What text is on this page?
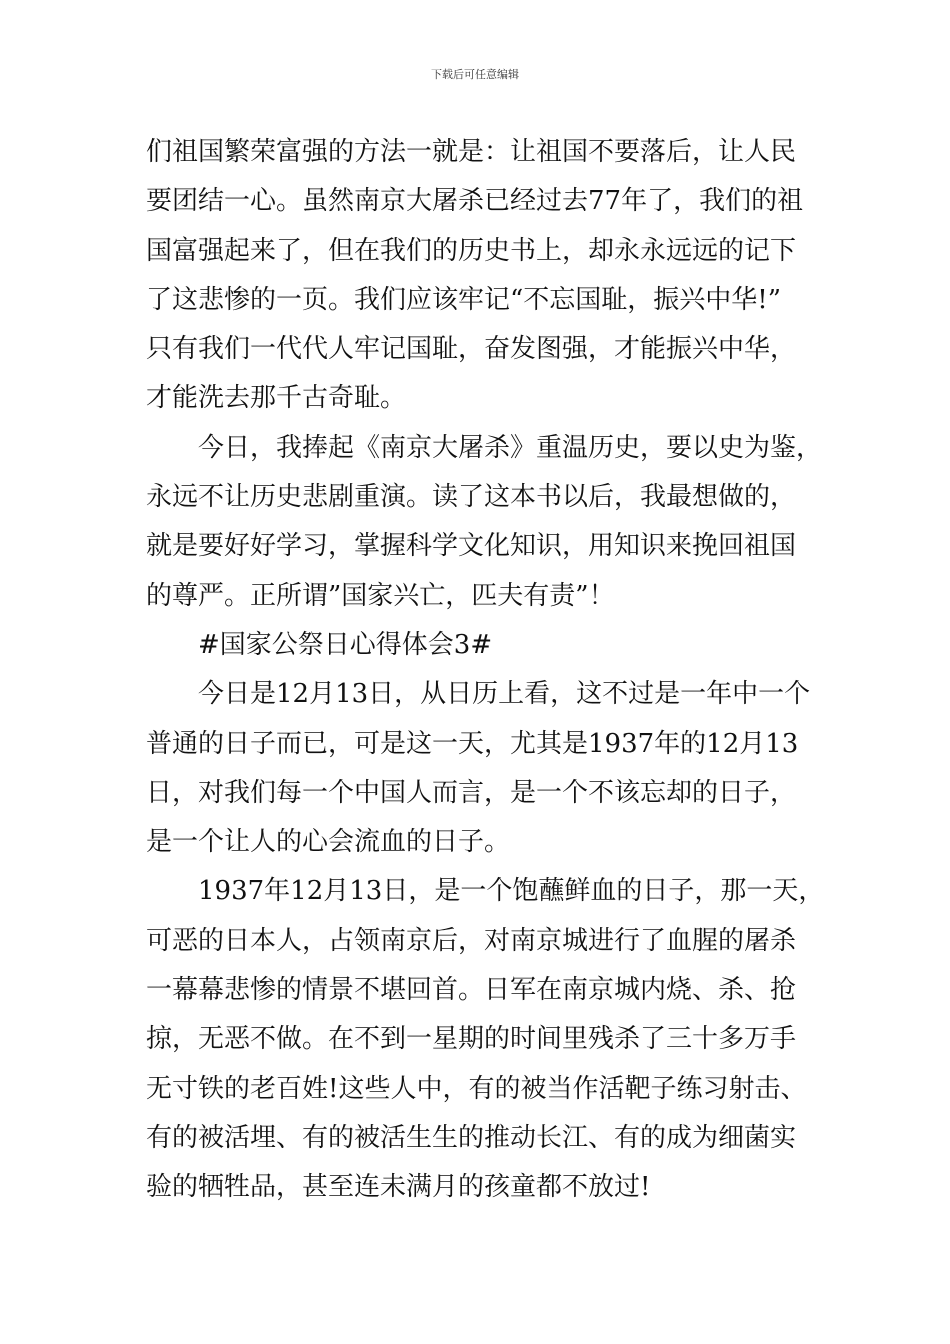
下载后可任意编辑
们祖国繁荣富强的方法一就是：让祖国不要落后，让人民
要团结一心。虽然南京大屠杀已经过去77年了，我们的祖
国富强起来了，但在我们的历史书上，却永永远远的记下
了这悲惨的一页。我们应该牢记“不忘国耻，振兴中华!”
只有我们一代代人牢记国耻，奋发图强，才能振兴中华，
才能洗去那千古奇耻。
今日，我捧起《南京大屠杀》重温历史，要以史为鉴，
永远不让历史悲剧重演。读了这本书以后，我最想做的，
就是要好好学习，掌握科学文化知识，用知识来挽回祖国
的尊严。正所谓”国家兴亡，匹夫有责”！
#国家公祭日心得体会3#
今日是12月13日，从日历上看，这不过是一年中一个
普通的日子而已，可是这一天，尤其是1937年的12月13
日，对我们每一个中国人而言，是一个不该忘却的日子，
是一个让人的心会流血的日子。
1937年12月13日，是一个饱蘸鲜血的日子，那一天，
可恶的日本人，占领南京后，对南京城进行了血腥的屠杀
一幕幕悲惨的情景不堪回首。日军在南京城内烧、杀、抢
掠，无恶不做。在不到一星期的时间里残杀了三十多万手
无寸铁的老百姓!这些人中，有的被当作活靶子练习射击、
有的被活埋、有的被活生生的推动长江、有的成为细菌实
验的牺牲品，甚至连未满月的孩童都不放过!
